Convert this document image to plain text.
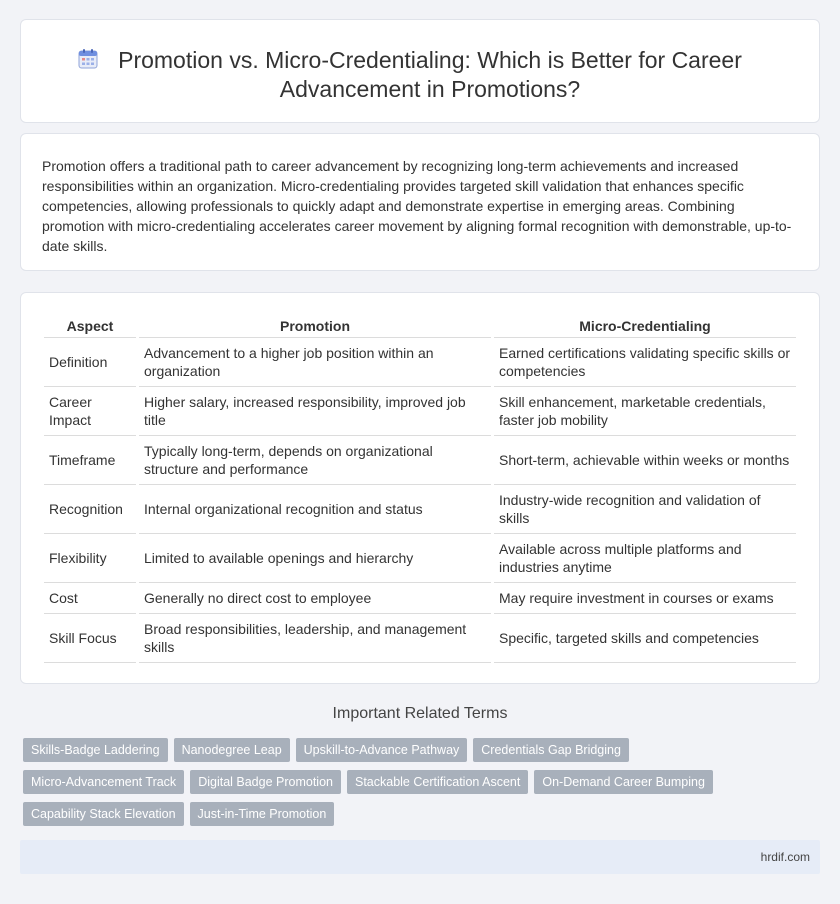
Promotion vs. Micro-Credentialing: Which is Better for Career Advancement in Promotions?

Promotion offers a traditional path to career advancement by recognizing long-term achievements and increased responsibilities within an organization. Micro-credentialing provides targeted skill validation that enhances specific competencies, allowing professionals to quickly adapt and demonstrate expertise in emerging areas. Combining promotion with micro-credentialing accelerates career movement by aligning formal recognition with demonstrable, up-to-date skills.

Aspect	Promotion	Micro-Credentialing
Definition	Advancement to a higher job position within an organization	Earned certifications validating specific skills or competencies
Career Impact	Higher salary, increased responsibility, improved job title	Skill enhancement, marketable credentials, faster job mobility
Timeframe	Typically long-term, depends on organizational structure and performance	Short-term, achievable within weeks or months
Recognition	Internal organizational recognition and status	Industry-wide recognition and validation of skills
Flexibility	Limited to available openings and hierarchy	Available across multiple platforms and industries anytime
Cost	Generally no direct cost to employee	May require investment in courses or exams
Skill Focus	Broad responsibilities, leadership, and management skills	Specific, targeted skills and competencies
Important Related Terms
Skills-Badge Laddering	Nanodegree Leap	Upskill-to-Advance Pathway	Credentials Gap Bridging
Micro-Advancement Track	Digital Badge Promotion	Stackable Certification Ascent	On-Demand Career Bumping
Capability Stack Elevation	Just-in-Time Promotion
hrdif.com
